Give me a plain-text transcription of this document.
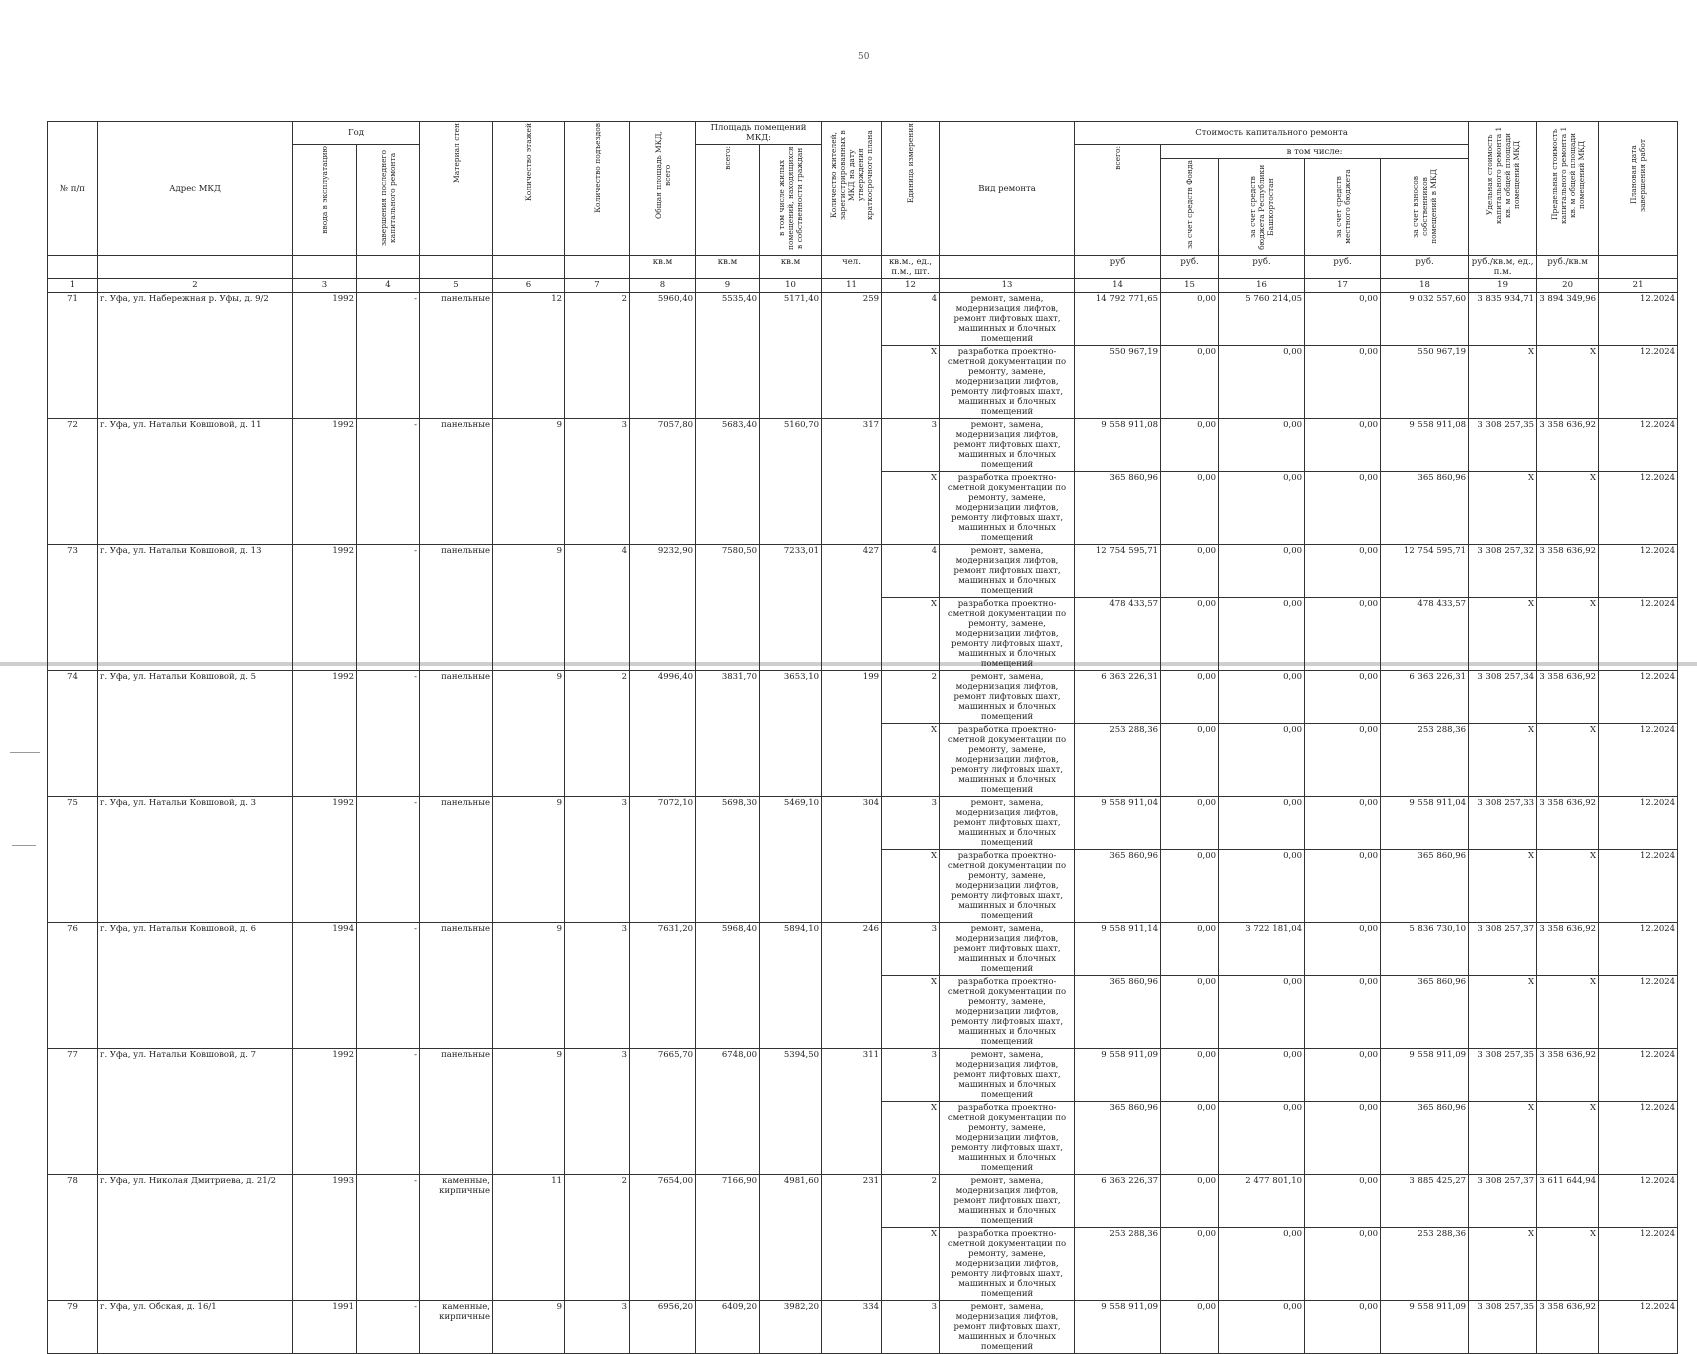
50
№ п/п	Адрес МКД	Год		Материал стен	Количество этажей	Количество подъездов	Общая площадь МКД, всего	Площадь помещений МКД:		Количество жителей, зарегистрированных в МКД на дату утверждения краткосрочного плана	Единица измерения	Вид ремонта	Стоимость капитального ремонта					Удельная стоимость капитального ремонта 1 кв. м общей площади помещений МКД	Предельная стоимость капитального ремонта 1 кв. м общей площади помещений МКД	Плановая дата завершения работ

		ввода в эксплуатацию	завершения последнего капитального ремонта					всего:	в том числе жилых помещений, находящихся в собственности граждан				всего:	в том числе:						

														за счет средств Фонда	за счет средств бюджета Республики Башкортостан	за счет средств местного бюджета	за счет взносов собственников помещений в МКД			

							кв.м	кв.м	кв.м	чел.	кв.м., ед., п.м., шт.		руб	руб.	руб.	руб.	руб.	руб./кв.м, ед., п.м.	руб./кв.м	
1	2	3	4	5	6	7	8	9	10	11	12	13	14	15	16	17	18	19	20	21
71	г. Уфа, ул. Набережная р. Уфы, д. 9/2	1992	-	панельные	12	2	5960,40	5535,40	5171,40	259	4	ремонт, замена, модернизация лифтов, ремонт лифтовых шахт, машинных и блочных помещений	14 792 771,65	0,00	5 760 214,05	0,00	9 032 557,60	3 835 934,71	3 894 349,96	12.2024
											Х	разработка проектно-сметной документации по ремонту, замене, модернизации лифтов, ремонту лифтовых шахт, машинных и блочных помещений	550 967,19	0,00	0,00	0,00	550 967,19	Х	Х	12.2024
72	г. Уфа, ул. Натальи Ковшовой, д. 11	1992	-	панельные	9	3	7057,80	5683,40	5160,70	317	3	ремонт, замена, модернизация лифтов, ремонт лифтовых шахт, машинных и блочных помещений	9 558 911,08	0,00	0,00	0,00	9 558 911,08	3 308 257,35	3 358 636,92	12.2024
											Х	разработка проектно-сметной документации по ремонту, замене, модернизации лифтов, ремонту лифтовых шахт, машинных и блочных помещений	365 860,96	0,00	0,00	0,00	365 860,96	Х	Х	12.2024
73	г. Уфа, ул. Натальи Ковшовой, д. 13	1992	-	панельные	9	4	9232,90	7580,50	7233,01	427	4	ремонт, замена, модернизация лифтов, ремонт лифтовых шахт, машинных и блочных помещений	12 754 595,71	0,00	0,00	0,00	12 754 595,71	3 308 257,32	3 358 636,92	12.2024
											Х	разработка проектно-сметной документации по ремонту, замене, модернизации лифтов, ремонту лифтовых шахт, машинных и блочных помещений	478 433,57	0,00	0,00	0,00	478 433,57	Х	Х	12.2024
74	г. Уфа, ул. Натальи Ковшовой, д. 5	1992	-	панельные	9	2	4996,40	3831,70	3653,10	199	2	ремонт, замена, модернизация лифтов, ремонт лифтовых шахт, машинных и блочных помещений	6 363 226,31	0,00	0,00	0,00	6 363 226,31	3 308 257,34	3 358 636,92	12.2024
											Х	разработка проектно-сметной документации по ремонту, замене, модернизации лифтов, ремонту лифтовых шахт, машинных и блочных помещений	253 288,36	0,00	0,00	0,00	253 288,36	Х	Х	12.2024
75	г. Уфа, ул. Натальи Ковшовой, д. 3	1992	-	панельные	9	3	7072,10	5698,30	5469,10	304	3	ремонт, замена, модернизация лифтов, ремонт лифтовых шахт, машинных и блочных помещений	9 558 911,04	0,00	0,00	0,00	9 558 911,04	3 308 257,33	3 358 636,92	12.2024
											Х	разработка проектно-сметной документации по ремонту, замене, модернизации лифтов, ремонту лифтовых шахт, машинных и блочных помещений	365 860,96	0,00	0,00	0,00	365 860,96	Х	Х	12.2024
76	г. Уфа, ул. Натальи Ковшовой, д. 6	1994	-	панельные	9	3	7631,20	5968,40	5894,10	246	3	ремонт, замена, модернизация лифтов, ремонт лифтовых шахт, машинных и блочных помещений	9 558 911,14	0,00	3 722 181,04	0,00	5 836 730,10	3 308 257,37	3 358 636,92	12.2024
											Х	разработка проектно-сметной документации по ремонту, замене, модернизации лифтов, ремонту лифтовых шахт, машинных и блочных помещений	365 860,96	0,00	0,00	0,00	365 860,96	Х	Х	12.2024
77	г. Уфа, ул. Натальи Ковшовой, д. 7	1992	-	панельные	9	3	7665,70	6748,00	5394,50	311	3	ремонт, замена, модернизация лифтов, ремонт лифтовых шахт, машинных и блочных помещений	9 558 911,09	0,00	0,00	0,00	9 558 911,09	3 308 257,35	3 358 636,92	12.2024
											Х	разработка проектно-сметной документации по ремонту, замене, модернизации лифтов, ремонту лифтовых шахт, машинных и блочных помещений	365 860,96	0,00	0,00	0,00	365 860,96	Х	Х	12.2024
78	г. Уфа, ул. Николая Дмитриева, д. 21/2	1993	-	каменные, кирпичные	11	2	7654,00	7166,90	4981,60	231	2	ремонт, замена, модернизация лифтов, ремонт лифтовых шахт, машинных и блочных помещений	6 363 226,37	0,00	2 477 801,10	0,00	3 885 425,27	3 308 257,37	3 611 644,94	12.2024
											Х	разработка проектно-сметной документации по ремонту, замене, модернизации лифтов, ремонту лифтовых шахт, машинных и блочных помещений	253 288,36	0,00	0,00	0,00	253 288,36	Х	Х	12.2024
79	г. Уфа, ул. Обская, д. 16/1	1991	-	каменные, кирпичные	9	3	6956,20	6409,20	3982,20	334	3	ремонт, замена, модернизация лифтов, ремонт лифтовых шахт, машинных и блочных помещений	9 558 911,09	0,00	0,00	0,00	9 558 911,09	3 308 257,35	3 358 636,92	12.2024
